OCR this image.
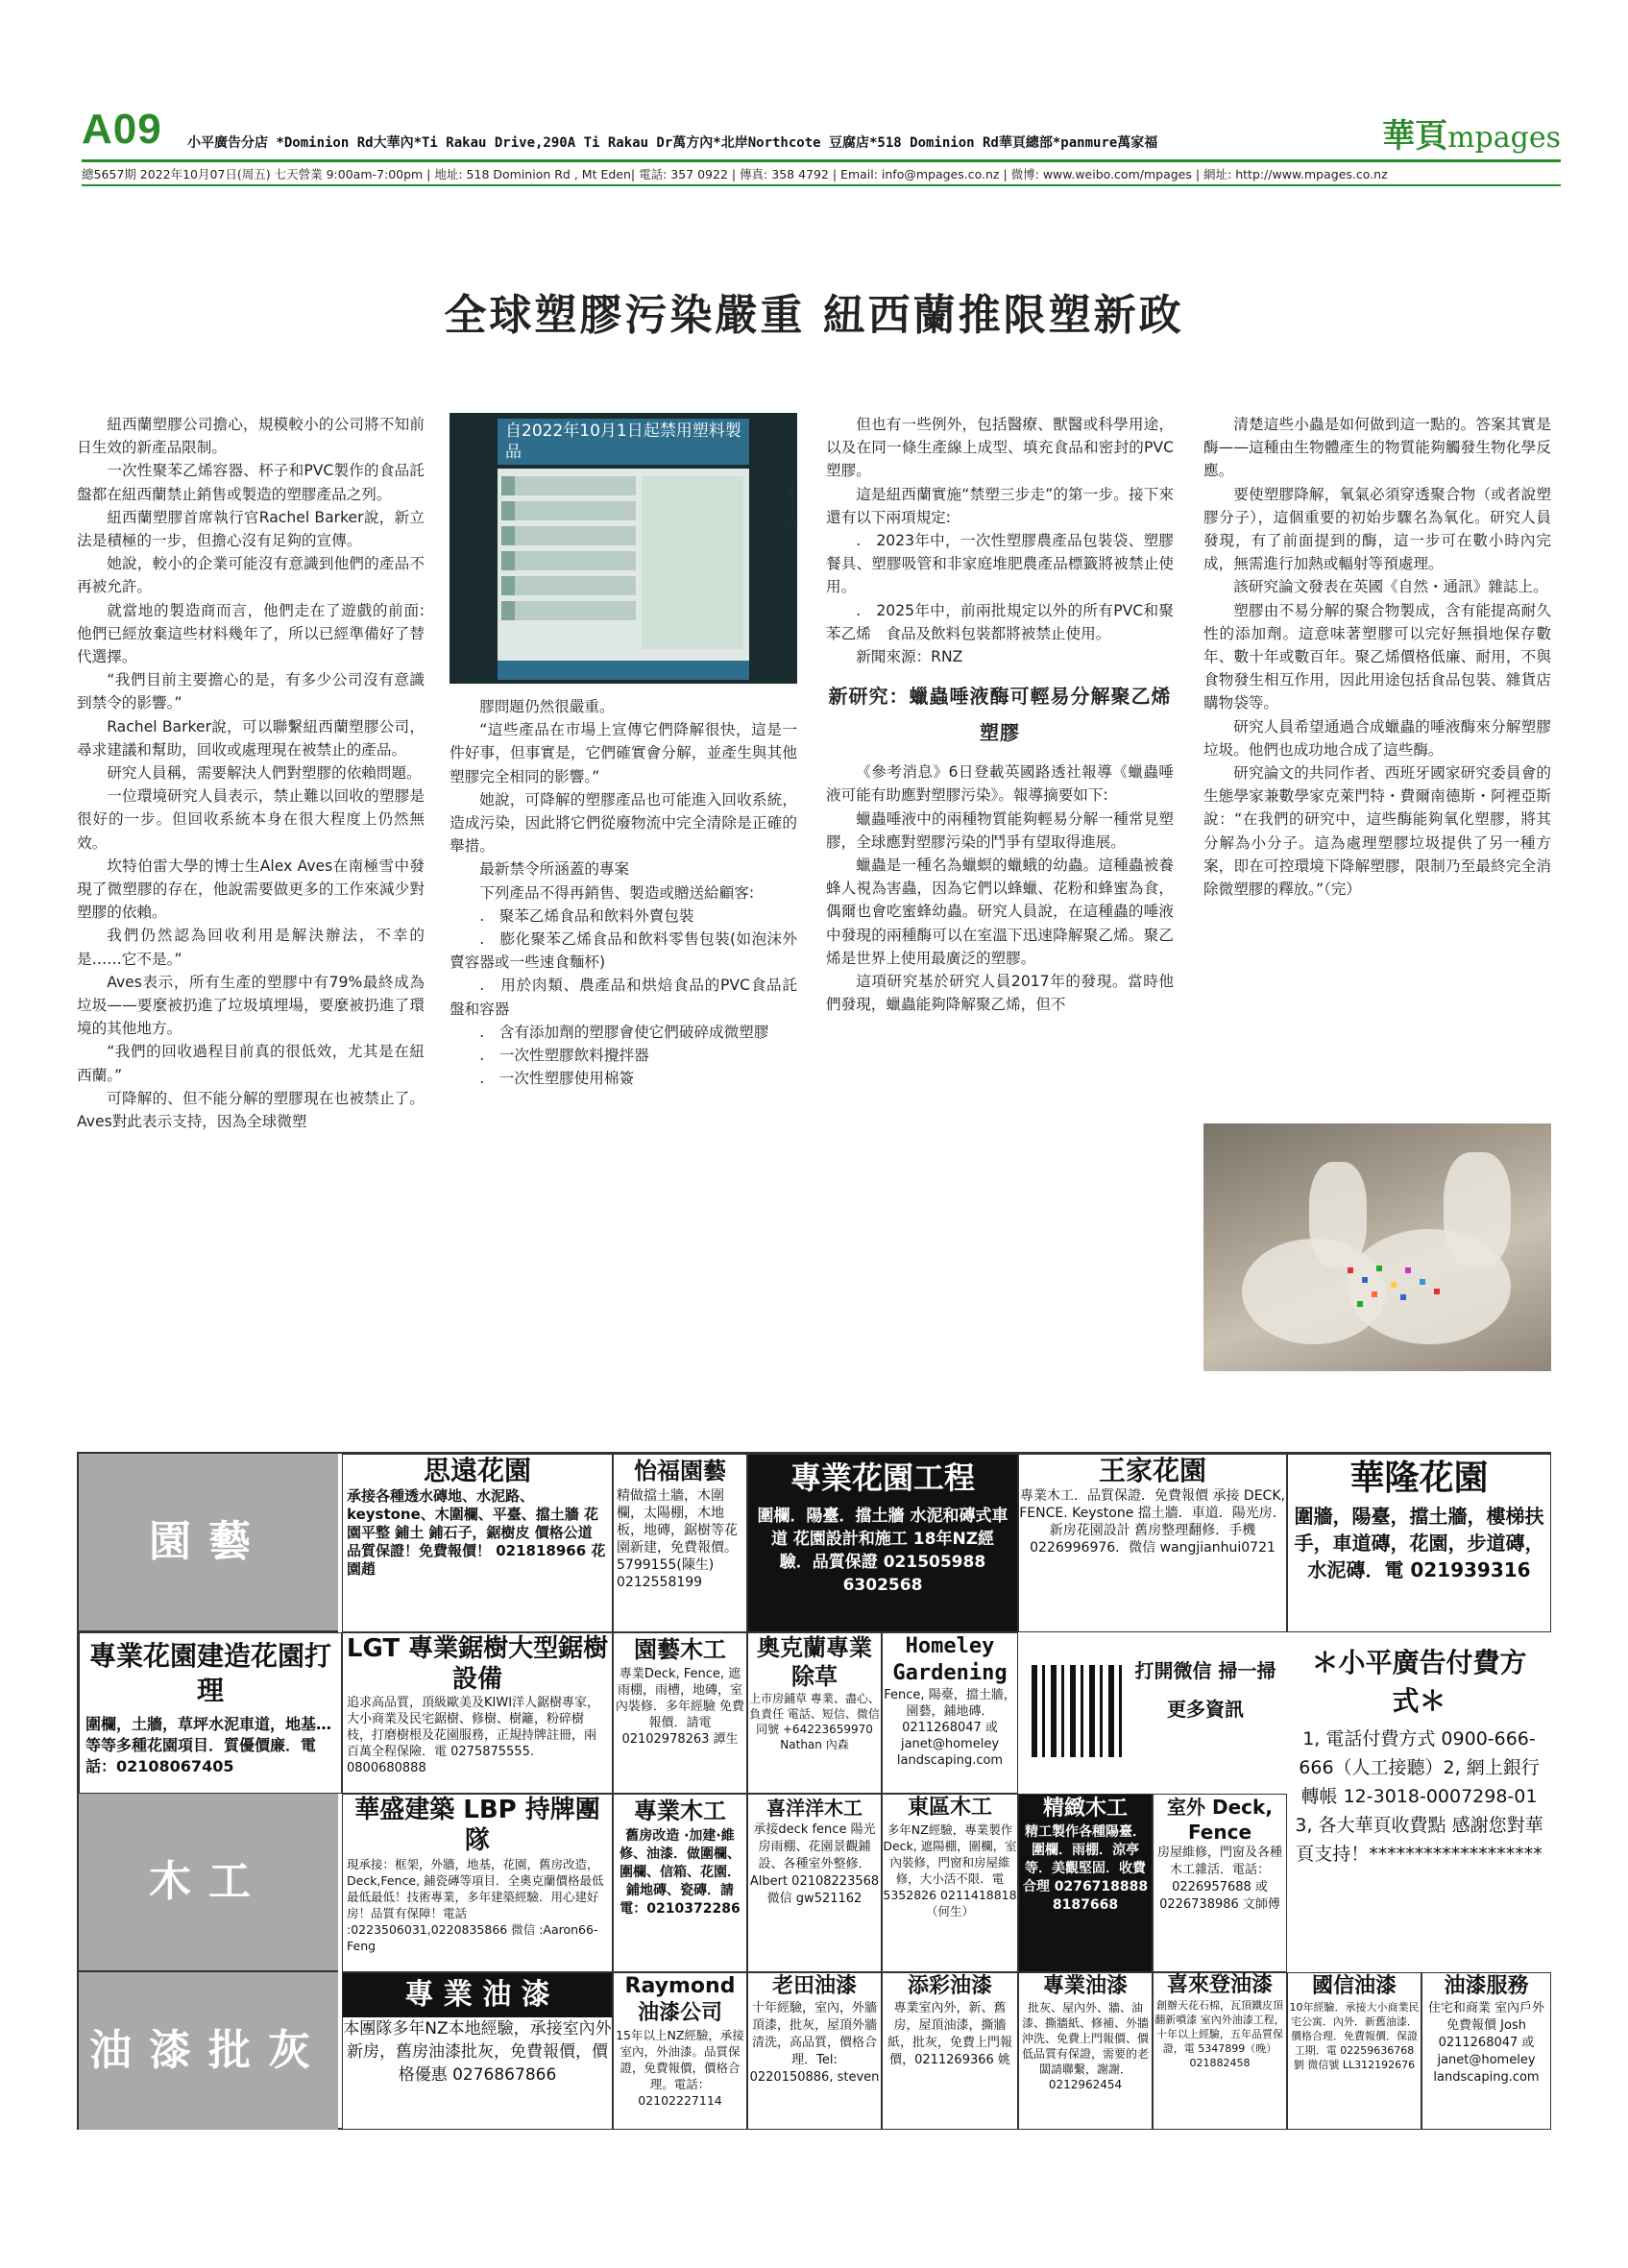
A09 小平廣告分店 *Dominion Rd大華內*Ti Rakau Drive,290A Ti Rakau Dr萬方內*北岸Northcote 豆腐店*518 Dominion Rd華頁總部*panmure萬家福	華頁mpages
總5657期 2022年10月07日(周五) 七天營業 9:00am-7:00pm | 地址: 518 Dominion Rd , Mt Eden| 電話: 357 0922 | 傳真: 358 4792 | Email: info@mpages.co.nz | 微博: www.weibo.com/mpages | 網址: http://www.mpages.co.nz
全球塑膠污染嚴重 紐西蘭推限塑新政

紐西蘭塑膠公司擔心，規模較小的公司將不知前日生效的新產品限制。

一次性聚苯乙烯容器、杯子和PVC製作的食品託盤都在紐西蘭禁止銷售或製造的塑膠產品之列。

紐西蘭塑膠首席執行官Rachel Barker說，新立法是積極的一步，但擔心沒有足夠的宣傳。

她說，較小的企業可能沒有意識到他們的產品不再被允許。

就當地的製造商而言，他們走在了遊戲的前面:他們已經放棄這些材料幾年了，所以已經準備好了替代選擇。

“我們目前主要擔心的是，有多少公司沒有意識到禁令的影響。”

Rachel Barker說，可以聯繫紐西蘭塑膠公司，尋求建議和幫助，回收或處理現在被禁止的產品。

研究人員稱，需要解決人們對塑膠的依賴問題。

一位環境研究人員表示，禁止難以回收的塑膠是很好的一步。但回收系統本身在很大程度上仍然無效。

坎特伯雷大學的博士生Alex Aves在南極雪中發現了微塑膠的存在，他說需要做更多的工作來減少對塑膠的依賴。

我們仍然認為回收利用是解決辦法，不幸的是……它不是。”

Aves表示，所有生產的塑膠中有79%最終成為垃圾——要麼被扔進了垃圾填埋場，要麼被扔進了環境的其他地方。

“我們的回收過程目前真的很低效，尤其是在紐西蘭。”

可降解的、但不能分解的塑膠現在也被禁止了。Aves對此表示支持，因為全球微塑

自2022年10月1日起禁用塑料製品
替代品

膠問題仍然很嚴重。

“這些產品在市場上宣傳它們降解很快，這是一件好事，但事實是，它們確實會分解，並產生與其他塑膠完全相同的影響。”

她說，可降解的塑膠產品也可能進入回收系統，造成污染，因此將它們從廢物流中完全清除是正確的舉措。

最新禁令所涵蓋的專案

下列產品不得再銷售、製造或贈送給顧客:

.　聚苯乙烯食品和飲料外賣包裝

.　膨化聚苯乙烯食品和飲料零售包裝(如泡沫外賣容器或一些速食麵杯)

.　用於肉類、農產品和烘焙食品的PVC食品託盤和容器

.　含有添加劑的塑膠會使它們破碎成微塑膠

.　一次性塑膠飲料攪拌器

.　一次性塑膠使用棉簽

但也有一些例外，包括醫療、獸醫或科學用途，以及在同一條生產線上成型、填充食品和密封的PVC塑膠。

這是紐西蘭實施“禁塑三步走”的第一步。接下來還有以下兩項規定:

.　2023年中，一次性塑膠農產品包裝袋、塑膠餐具、塑膠吸管和非家庭堆肥農產品標籤將被禁止使用。

.　2025年中，前兩批規定以外的所有PVC和聚苯乙烯　食品及飲料包裝都將被禁止使用。

新聞來源：RNZ

新研究：蠟蟲唾液酶可輕易分解聚乙烯塑膠

《參考消息》6日登載英國路透社報導《蠟蟲唾液可能有助應對塑膠污染》。報導摘要如下:

蠟蟲唾液中的兩種物質能夠輕易分解一種常見塑膠，全球應對塑膠污染的鬥爭有望取得進展。

蠟蟲是一種名為蠟螟的蠟蛾的幼蟲。這種蟲被養蜂人視為害蟲，因為它們以蜂蠟、花粉和蜂蜜為食，偶爾也會吃蜜蜂幼蟲。研究人員說，在這種蟲的唾液中發現的兩種酶可以在室溫下迅速降解聚乙烯。聚乙烯是世界上使用最廣泛的塑膠。

這項研究基於研究人員2017年的發現。當時他們發現，蠟蟲能夠降解聚乙烯，但不

清楚這些小蟲是如何做到這一點的。答案其實是酶——這種由生物體產生的物質能夠觸發生物化學反應。

要使塑膠降解，氧氣必須穿透聚合物（或者說塑膠分子），這個重要的初始步驟名為氧化。研究人員發現，有了前面提到的酶，這一步可在數小時內完成，無需進行加熱或輻射等預處理。

該研究論文發表在英國《自然・通訊》雜誌上。

塑膠由不易分解的聚合物製成，含有能提高耐久性的添加劑。這意味著塑膠可以完好無損地保存數年、數十年或數百年。聚乙烯價格低廉、耐用，不與食物發生相互作用，因此用途包括食品包裝、雜貨店購物袋等。

研究人員希望通過合成蠟蟲的唾液酶來分解塑膠垃圾。他們也成功地合成了這些酶。

研究論文的共同作者、西班牙國家研究委員會的生態學家兼數學家克萊門特・費爾南德斯・阿裡亞斯說：“在我們的研究中，這些酶能夠氧化塑膠，將其分解為小分子。這為處理塑膠垃圾提供了另一種方案，即在可控環境下降解塑膠，限制乃至最終完全消除微塑膠的釋放。”（完）

園藝
木工
油漆批灰
思遠花園
承接各種透水磚地、水泥路、keystone、木圍欄、平臺、擋土牆 花園平整 鋪土 鋪石子，鋸樹皮 價格公道 品質保證！免費報價！ 021818966 花園趙
怡福園藝
精做擋土牆，木圍欄，太陽棚，木地板，地磚，鋸樹等花園新建，免費報價。5799155(陳生) 0212558199
專業花園工程
圍欄．陽臺．擋土牆 水泥和磚式車道 花園設計和施工 18年NZ經驗．品質保證 021505988 6302568
王家花園
專業木工．品質保證．免費報價 承接 DECK, FENCE. Keystone 擋土牆．車道．陽光房．新房花園設計 舊房整理翻修．手機 0226996976．微信 wangjianhui0721
華隆花園
圍牆，陽臺，擋土牆，樓梯扶手，車道磚，花園，步道磚，水泥磚．電 021939316
專業花園建造花園打理
圍欄，土牆，草坪水泥車道，地基…等等多種花園項目．質優價廉．電話：02108067405
LGT 專業鋸樹大型鋸樹設備
追求高品質，頂級歐美及KIWI洋人鋸樹專家，大小商業及民宅鋸樹、修樹、樹籬，粉碎樹枝，打磨樹根及花園服務，正規持牌註冊，兩百萬全程保險．電 0275875555. 0800680888
園藝木工
專業Deck, Fence, 遮雨棚，雨槽，地磚，室內裝修．多年經驗 免費報價．請電 02102978263 譚生
奧克蘭專業除草
上市房鋪草 專業、盡心、負責任 電話、短信、微信同號 +64223659970 Nathan 內森
Homeley Gardening
Fence, 陽臺，擋土牆，園藝，鋪地磚．0211268047 或 janet@homeley landscaping.com
打開微信 掃一掃 更多資訊
＊小平廣告付費方式＊
1, 電話付費方式 0900-666-666（人工接聽）2, 網上銀行轉帳 12-3018-0007298-01 3, 各大華頁收費點 感謝您對華頁支持！*******************
華盛建築 LBP 持牌團隊
現承接：框架，外牆，地基，花園，舊房改造，Deck,Fence, 鋪瓷磚等項目．全奧克蘭價格最低最低最低！技術專業，多年建築經驗．用心建好房！品質有保障！電話 :0223506031,0220835866 微信 :Aaron66-Feng
專業木工
舊房改造 ·加建·維修、油漆．做圍欄、圍欄、信箱、花園．鋪地磚、瓷磚．請電：0210372286
喜洋洋木工
承接deck fence 陽光房雨棚、花園景觀鋪設、各種室外整修．Albert 02108223568 微信 gw521162
東區木工
多年NZ經驗，專業製作 Deck, 遮陽棚，圍欄，室內裝修，門窗和房屋維修，大小活不限．電 5352826 0211418818（何生）
精緻木工
精工製作各種陽臺．圍欄．雨棚．涼亭等．美觀堅固．收費合理 0276718888 8187668
室外 Deck, Fence
房屋維修，門窗及各種木工雜活．電話：0226957688 或 0226738986 文師傅
專 業 油 漆
本團隊多年NZ本地經驗，承接室內外新房，舊房油漆批灰，免費報價，價格優惠 0276867866
Raymond 油漆公司
15年以上NZ經驗，承接室內，外油漆。品質保證，免費報價，價格合理。電話：02102227114
老田油漆
十年經驗，室內，外牆頂漆，批灰，屋頂外牆清洗，高品質，價格合理．Tel: 0220150886, steven
添彩油漆
專業室內外，新、舊房，屋頂油漆，撕牆紙，批灰，免費上門報價，0211269366 姚
專業油漆
批灰、屋內外、牆、油漆、撕牆紙、修補、外牆沖洗、免費上門報價、價低品質有保證，需要的老闆請聯繫，謝謝．0212962454
喜來登油漆
創辦天花石棉，瓦頂鐵皮頂翻新噴漆 室內外油漆工程，十年以上經驗，五年品質保證，電 5347899（晚）021882458
國信油漆
10年經驗．承接大小商業民宅公寓．內外．新舊油漆．價格合理．免費報價．保證工期．電 02259636768 劉 微信號 LL312192676
油漆服務
住宅和商業 室內戶外 免費報價 Josh 0211268047 或 janet@homeley landscaping.com
